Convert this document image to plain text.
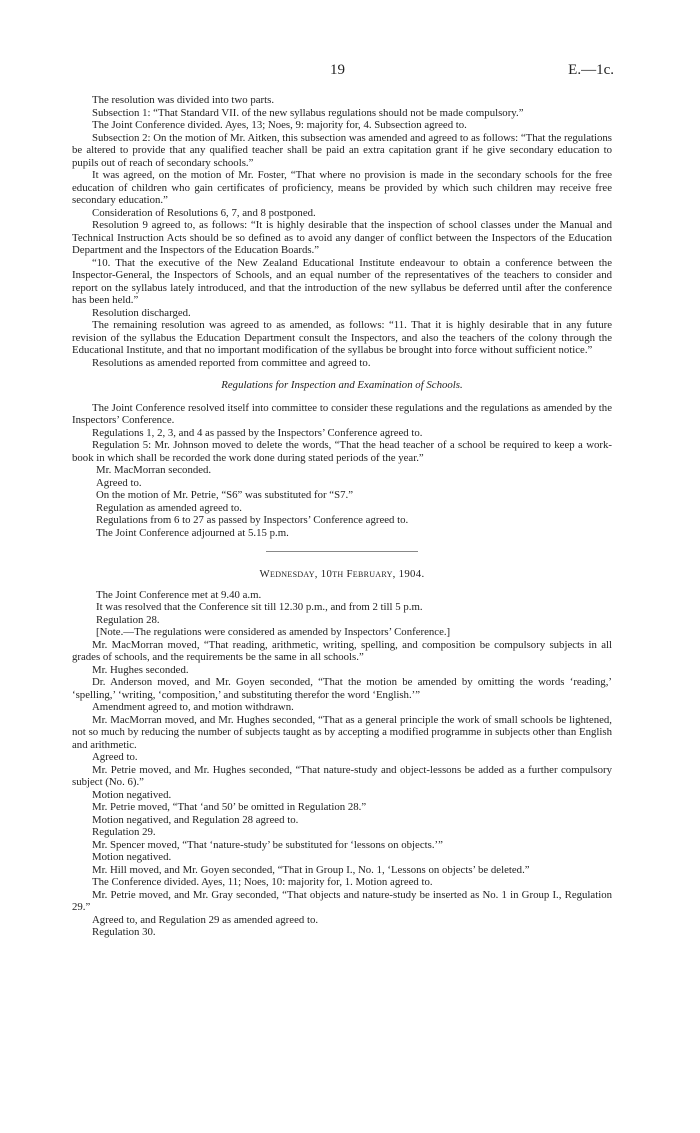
19	E.—1c.

The resolution was divided into two parts.

Subsection 1: “That Standard VII. of the new syllabus regulations should not be made compulsory.”

The Joint Conference divided. Ayes, 13; Noes, 9: majority for, 4. Subsection agreed to.

Subsection 2: On the motion of Mr. Aitken, this subsection was amended and agreed to as follows: “That the regulations be altered to provide that any qualified teacher shall be paid an extra capitation grant if he give secondary education to pupils out of reach of secondary schools.”

It was agreed, on the motion of Mr. Foster, “That where no provision is made in the secondary schools for the free education of children who gain certificates of proficiency, means be provided by which such children may receive free secondary education.”

Consideration of Resolutions 6, 7, and 8 postponed.

Resolution 9 agreed to, as follows: “It is highly desirable that the inspection of school classes under the Manual and Technical Instruction Acts should be so defined as to avoid any danger of conflict between the Inspectors of the Education Department and the Inspectors of the Education Boards.”

“10. That the executive of the New Zealand Educational Institute endeavour to obtain a conference between the Inspector-General, the Inspectors of Schools, and an equal number of the representatives of the teachers to consider and report on the syllabus lately introduced, and that the introduction of the new syllabus be deferred until after the conference has been held.”

Resolution discharged.

The remaining resolution was agreed to as amended, as follows: “11. That it is highly desirable that in any future revision of the syllabus the Education Department consult the Inspectors, and also the teachers of the colony through the Educational Institute, and that no important modification of the syllabus be brought into force without sufficient notice.”

Resolutions as amended reported from committee and agreed to.

Regulations for Inspection and Examination of Schools.

The Joint Conference resolved itself into committee to consider these regulations and the regulations as amended by the Inspectors’ Conference.

Regulations 1, 2, 3, and 4 as passed by the Inspectors’ Conference agreed to.

Regulation 5: Mr. Johnson moved to delete the words, “That the head teacher of a school be required to keep a work-book in which shall be recorded the work done during stated periods of the year.”

Mr. MacMorran seconded.

Agreed to.

On the motion of Mr. Petrie, “S6” was substituted for “S7.”

Regulation as amended agreed to.

Regulations from 6 to 27 as passed by Inspectors’ Conference agreed to.

The Joint Conference adjourned at 5.15 p.m.

Wednesday, 10th February, 1904.

The Joint Conference met at 9.40 a.m.

It was resolved that the Conference sit till 12.30 p.m., and from 2 till 5 p.m.

Regulation 28.

[Note.—The regulations were considered as amended by Inspectors’ Conference.]

Mr. MacMorran moved, “That reading, arithmetic, writing, spelling, and composition be compulsory subjects in all grades of schools, and the requirements be the same in all schools.”

Mr. Hughes seconded.

Dr. Anderson moved, and Mr. Goyen seconded, “That the motion be amended by omitting the words ‘reading,’ ‘spelling,’ ‘writing, ‘composition,’ and substituting therefor the word ‘English.’”

Amendment agreed to, and motion withdrawn.

Mr. MacMorran moved, and Mr. Hughes seconded, “That as a general principle the work of small schools be lightened, not so much by reducing the number of subjects taught as by accepting a modified programme in subjects other than English and arithmetic.

Agreed to.

Mr. Petrie moved, and Mr. Hughes seconded, “That nature-study and object-lessons be added as a further compulsory subject (No. 6).”

Motion negatived.

Mr. Petrie moved, “That ‘and 50’ be omitted in Regulation 28.”

Motion negatived, and Regulation 28 agreed to.

Regulation 29.

Mr. Spencer moved, “That ‘nature-study’ be substituted for ‘lessons on objects.’”

Motion negatived.

Mr. Hill moved, and Mr. Goyen seconded, “That in Group I., No. 1, ‘Lessons on objects’ be deleted.”

The Conference divided. Ayes, 11; Noes, 10: majority for, 1. Motion agreed to.

Mr. Petrie moved, and Mr. Gray seconded, “That objects and nature-study be inserted as No. 1 in Group I., Regulation 29.”

Agreed to, and Regulation 29 as amended agreed to.

Regulation 30.
